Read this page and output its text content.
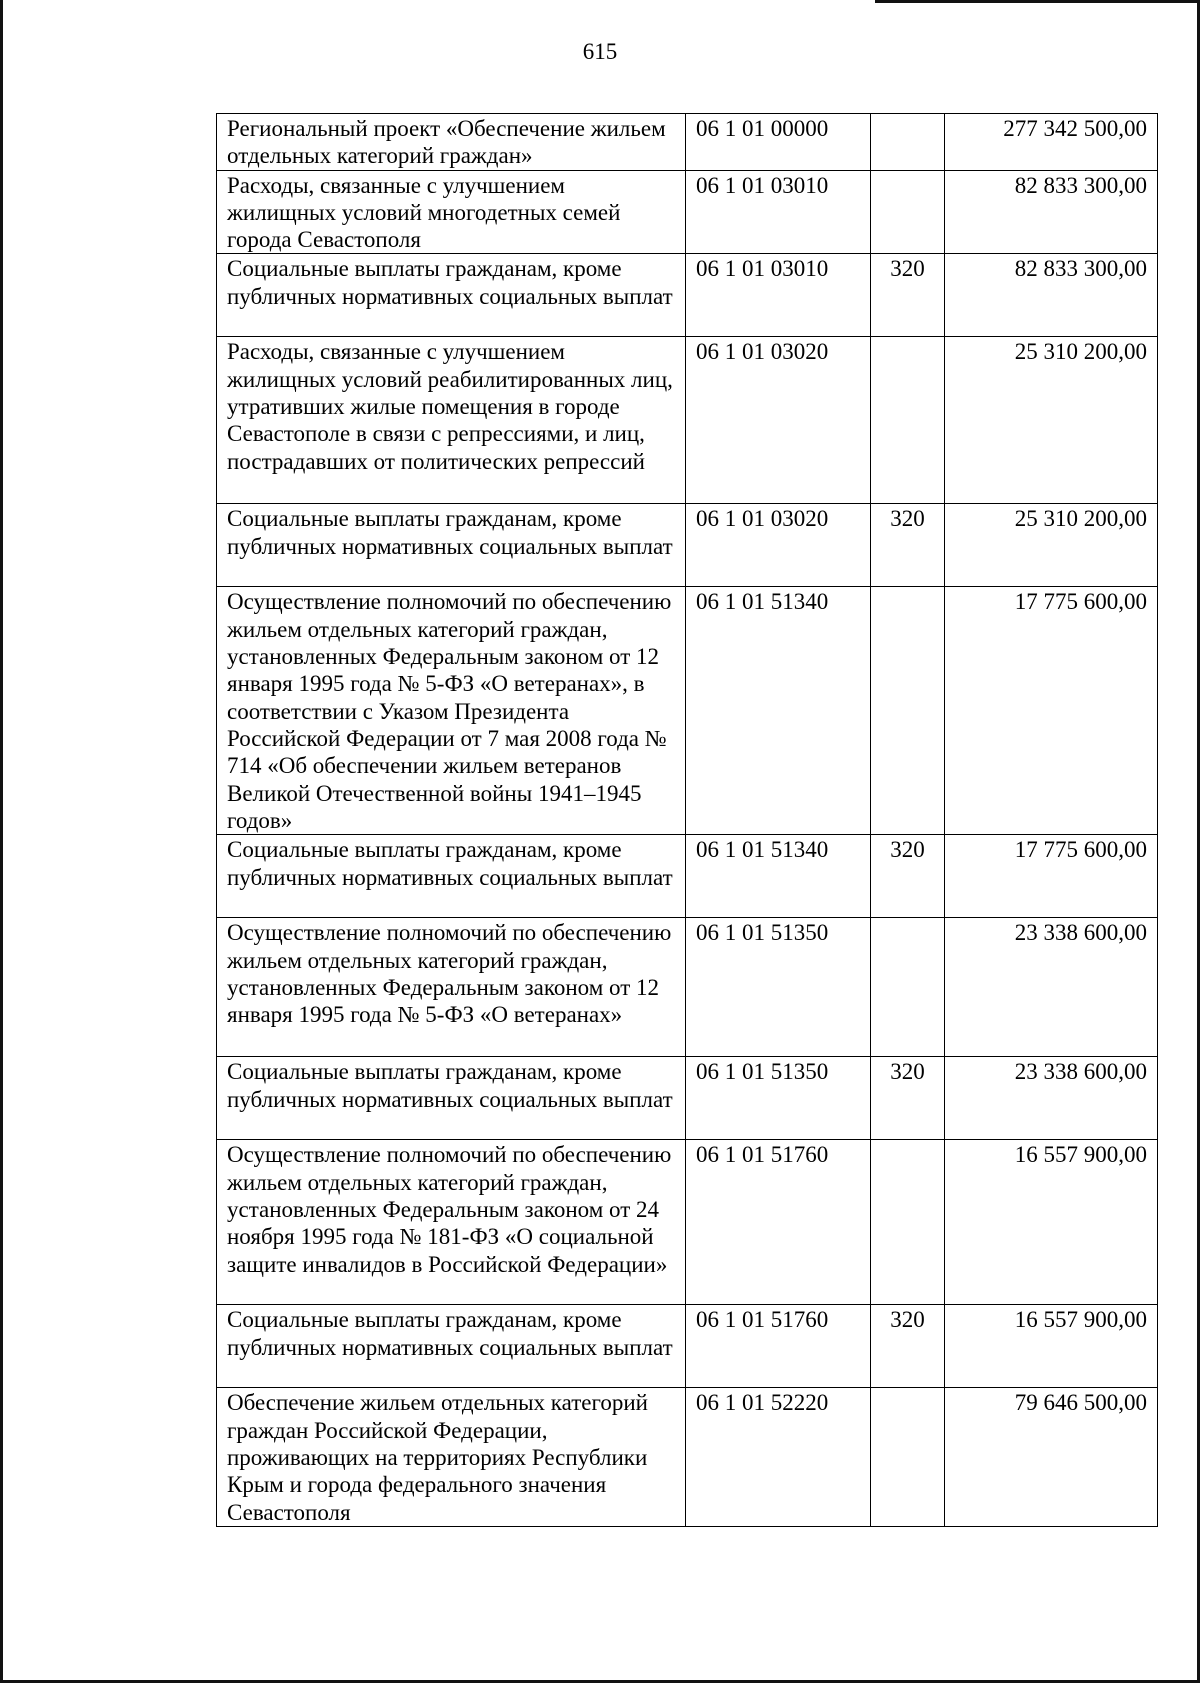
615
Региональный проект «Обеспечение жильем отдельных категорий граждан»	06 1 01 00000		277 342 500,00
Расходы, связанные с улучшением жилищных условий многодетных семей города Севастополя	06 1 01 03010		82 833 300,00
Социальные выплаты гражданам, кроме публичных нормативных социальных выплат	06 1 01 03010	320	82 833 300,00
Расходы, связанные с улучшением жилищных условий реабилитированных лиц, утративших жилые помещения в городе Севастополе в связи с репрессиями, и лиц, пострадавших от политических репрессий	06 1 01 03020		25 310 200,00
Социальные выплаты гражданам, кроме публичных нормативных социальных выплат	06 1 01 03020	320	25 310 200,00
Осуществление полномочий по обеспечению жильем отдельных категорий граждан, установленных Федеральным законом от 12 января 1995 года № 5-ФЗ «О ветеранах», в соответствии с Указом Президента Российской Федерации от 7 мая 2008 года № 714 «Об обеспечении жильем ветеранов Великой Отечественной войны 1941–1945 годов»	06 1 01 51340		17 775 600,00
Социальные выплаты гражданам, кроме публичных нормативных социальных выплат	06 1 01 51340	320	17 775 600,00
Осуществление полномочий по обеспечению жильем отдельных категорий граждан, установленных Федеральным законом от 12 января 1995 года № 5-ФЗ «О ветеранах»	06 1 01 51350		23 338 600,00
Социальные выплаты гражданам, кроме публичных нормативных социальных выплат	06 1 01 51350	320	23 338 600,00
Осуществление полномочий по обеспечению жильем отдельных категорий граждан, установленных Федеральным законом от 24 ноября 1995 года № 181-ФЗ «О социальной защите инвалидов в Российской Федерации»	06 1 01 51760		16 557 900,00
Социальные выплаты гражданам, кроме публичных нормативных социальных выплат	06 1 01 51760	320	16 557 900,00
Обеспечение жильем отдельных категорий граждан Российской Федерации, проживающих на территориях Республики Крым и города федерального значения Севастополя	06 1 01 52220		79 646 500,00
